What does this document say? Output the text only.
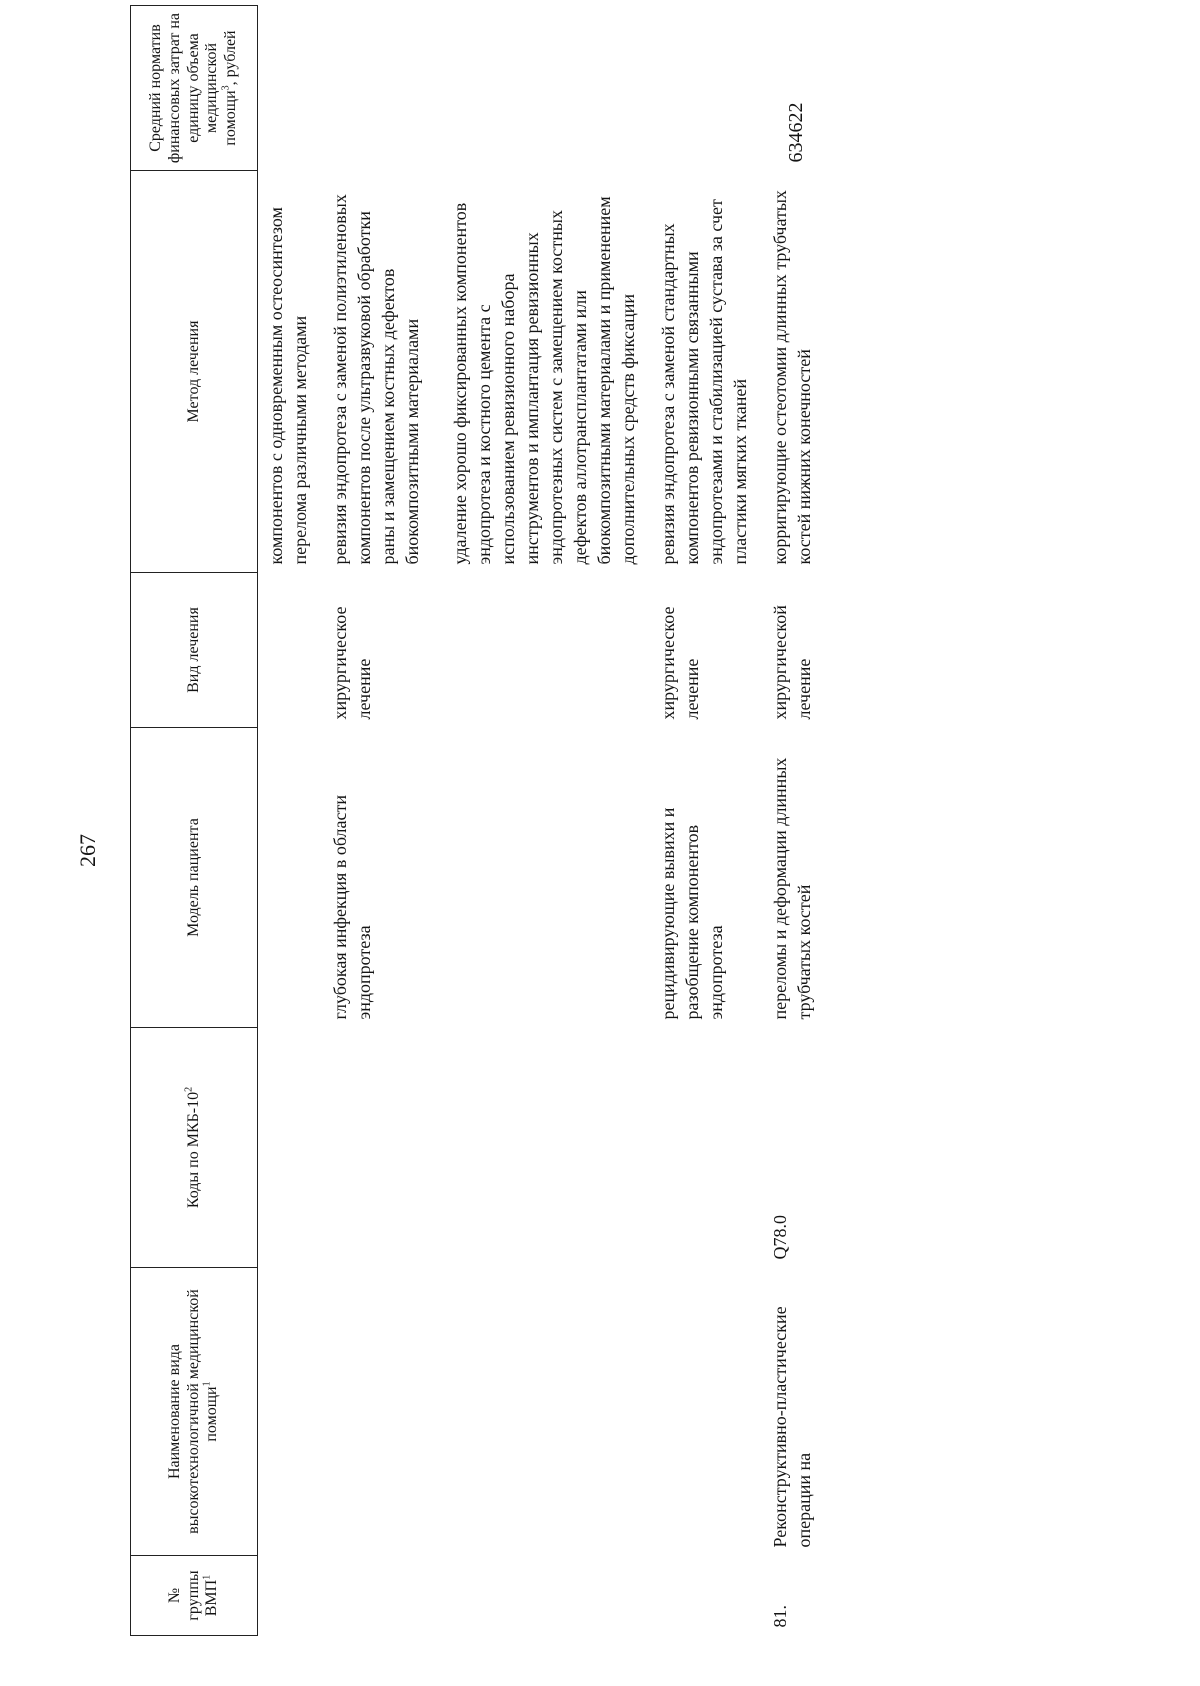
267
№ группы ВМП$^1$	Наименование вида высокотехнологичной медицинской помощи$^1$	Коды по МКБ-$10^2$	Модель пациента	Вид лечения	Метод лечения	Средний норматив финансовых затрат на единицу объема медицинской помощи$^3$, рублей

					компонентов с одновременным остеосинтезом перелома различными методами	

			глубокая инфекция в области эндопротеза	хирургическое лечение	ревизия эндопротеза с заменой полиэтиленовых компонентов после ультразвуковой обработки раны и замещением костных дефектов биокомпозитными материалами удаление хорошо фиксированных компонентов эндопротеза и костного цемента с использованием ревизионного набора инструментов и имплантация ревизионных эндопротезных систем с замещением костных дефектов аллотрансплантатами или биокомпозитными материалами и применением дополнительных средств фиксации	

			рецидивирующие вывихи и разобщение компонентов эндопротеза	хирургическое лечение	ревизия эндопротеза с заменой стандартных компонентов ревизионными связанными эндопротезами и стабилизацией сустава за счет пластики мягких тканей	

81.	Реконструктивно-пластические операции на	Q78.0	переломы и деформации длинных трубчатых костей	хирургической лечение	корригирующие остеотомии длинных трубчатых костей нижних конечностей	634622
